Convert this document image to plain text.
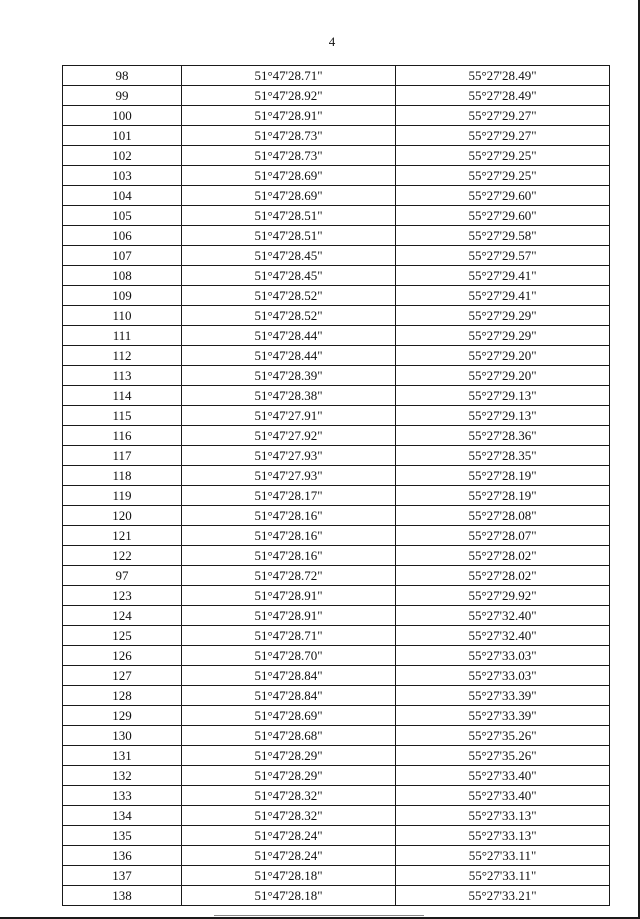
4
98	51°47'28.71"	55°27'28.49"
99	51°47'28.92"	55°27'28.49"
100	51°47'28.91"	55°27'29.27"
101	51°47'28.73"	55°27'29.27"
102	51°47'28.73"	55°27'29.25"
103	51°47'28.69"	55°27'29.25"
104	51°47'28.69"	55°27'29.60"
105	51°47'28.51"	55°27'29.60"
106	51°47'28.51"	55°27'29.58"
107	51°47'28.45"	55°27'29.57"
108	51°47'28.45"	55°27'29.41"
109	51°47'28.52"	55°27'29.41"
110	51°47'28.52"	55°27'29.29"
111	51°47'28.44"	55°27'29.29"
112	51°47'28.44"	55°27'29.20"
113	51°47'28.39"	55°27'29.20"
114	51°47'28.38"	55°27'29.13"
115	51°47'27.91"	55°27'29.13"
116	51°47'27.92"	55°27'28.36"
117	51°47'27.93"	55°27'28.35"
118	51°47'27.93"	55°27'28.19"
119	51°47'28.17"	55°27'28.19"
120	51°47'28.16"	55°27'28.08"
121	51°47'28.16"	55°27'28.07"
122	51°47'28.16"	55°27'28.02"
97	51°47'28.72"	55°27'28.02"
123	51°47'28.91"	55°27'29.92"
124	51°47'28.91"	55°27'32.40"
125	51°47'28.71"	55°27'32.40"
126	51°47'28.70"	55°27'33.03"
127	51°47'28.84"	55°27'33.03"
128	51°47'28.84"	55°27'33.39"
129	51°47'28.69"	55°27'33.39"
130	51°47'28.68"	55°27'35.26"
131	51°47'28.29"	55°27'35.26"
132	51°47'28.29"	55°27'33.40"
133	51°47'28.32"	55°27'33.40"
134	51°47'28.32"	55°27'33.13"
135	51°47'28.24"	55°27'33.13"
136	51°47'28.24"	55°27'33.11"
137	51°47'28.18"	55°27'33.11"
138	51°47'28.18"	55°27'33.21"
